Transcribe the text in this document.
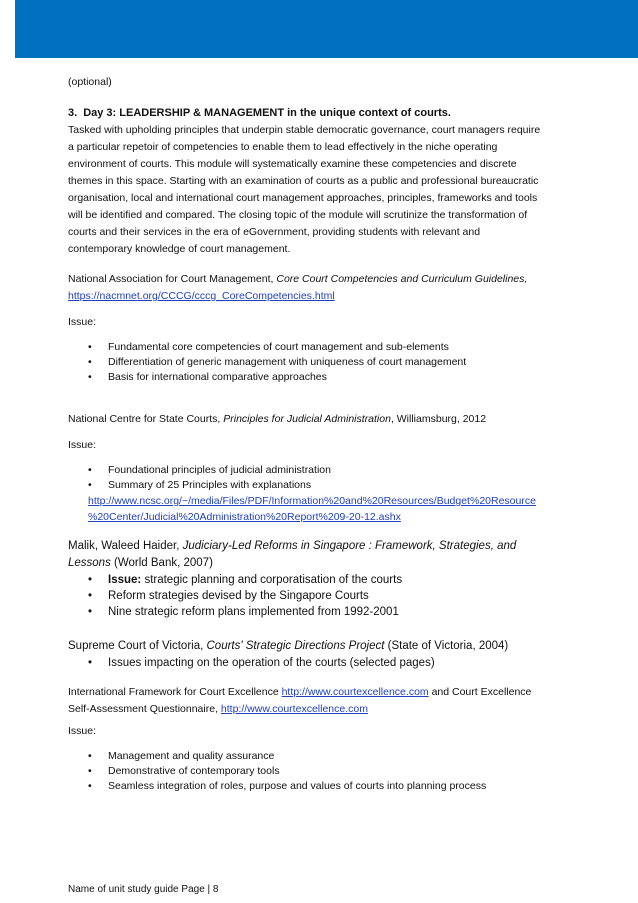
(optional)

3. Day 3: LEADERSHIP & MANAGEMENT in the unique context of courts.

Tasked with upholding principles that underpin stable democratic governance, court managers require
a particular repetoir of competencies to enable them to lead effectively in the niche operating
environment of courts. This module will systematically examine these competencies and discrete
themes in this space. Starting with an examination of courts as a public and professional bureaucratic
organisation, local and international court management approaches, principles, frameworks and tools
will be identified and compared. The closing topic of the module will scrutinize the transformation of
courts and their services in the era of eGovernment, providing students with relevant and
contemporary knowledge of court management.

National Association for Court Management, Core Court Competencies and Curriculum Guidelines,
https://nacmnet.org/CCCG/cccg_CoreCompetencies.html

Issue:

• Fundamental core competencies of court management and sub-elements
• Differentiation of generic management with uniqueness of court management
• Basis for international comparative approaches

National Centre for State Courts, Principles for Judicial Administration, Williamsburg, 2012

Issue:

• Foundational principles of judicial administration
• Summary of 25 Principles with explanations
http://www.ncsc.org/~/media/Files/PDF/Information%20and%20Resources/Budget%20Resource
%20Center/Judicial%20Administration%20Report%209-20-12.ashx

Malik, Waleed Haider, Judiciary-Led Reforms in Singapore : Framework, Strategies, and
Lessons (World Bank, 2007)

• Issue: strategic planning and corporatisation of the courts
• Reform strategies devised by the Singapore Courts
• Nine strategic reform plans implemented from 1992-2001

Supreme Court of Victoria, Courts' Strategic Directions Project (State of Victoria, 2004)

• Issues impacting on the operation of the courts (selected pages)

International Framework for Court Excellence http://www.courtexcellence.com and Court Excellence
Self-Assessment Questionnaire, http://www.courtexcellence.com

Issue:

• Management and quality assurance
• Demonstrative of contemporary tools
• Seamless integration of roles, purpose and values of courts into planning process
Name of unit study guide Page | 8
